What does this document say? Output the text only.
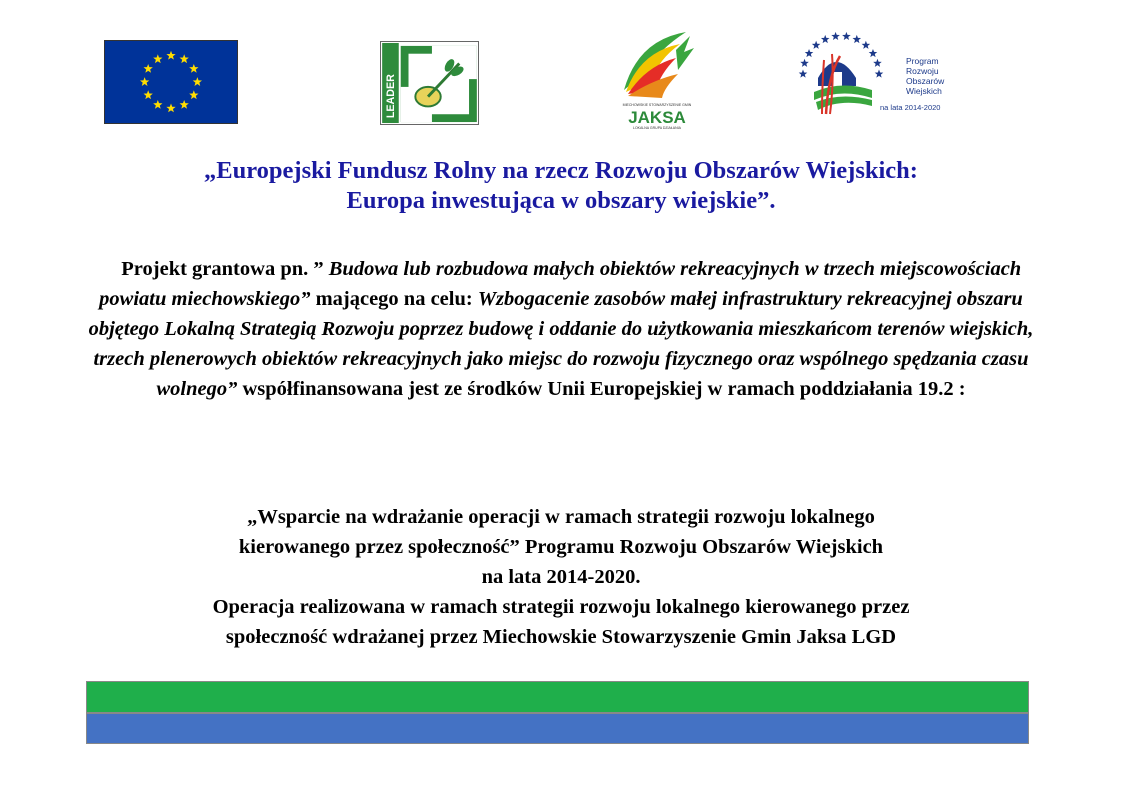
LEADER	MIECHOWSKIE STOWARZYSZENIE GMIN
JAKSA
LOKALNA GRUPA DZIAŁANIA
Program
Rozwoju
Obszarów
Wiejskich
na lata 2014-2020
„Europejski Fundusz Rolny na rzecz Rozwoju Obszarów Wiejskich:
Europa inwestująca w obszary wiejskie”.

Projekt grantowa pn. ” Budowa lub rozbudowa małych obiektów rekreacyjnych w trzech miejscowościach powiatu miechowskiego” mającego na celu: Wzbogacenie zasobów małej infrastruktury rekreacyjnej obszaru objętego Lokalną Strategią Rozwoju poprzez budowę i oddanie do użytkowania mieszkańcom terenów wiejskich, trzech plenerowych obiektów rekreacyjnych jako miejsc do rozwoju fizycznego oraz wspólnego spędzania czasu wolnego” współfinansowana jest ze środków Unii Europejskiej w ramach poddziałania 19.2 :

„Wsparcie na wdrażanie operacji w ramach strategii rozwoju lokalnego
kierowanego przez społeczność” Programu Rozwoju Obszarów Wiejskich
na lata 2014-2020.
Operacja realizowana w ramach strategii rozwoju lokalnego kierowanego przez
społeczność wdrażanej przez Miechowskie Stowarzyszenie Gmin Jaksa LGD
